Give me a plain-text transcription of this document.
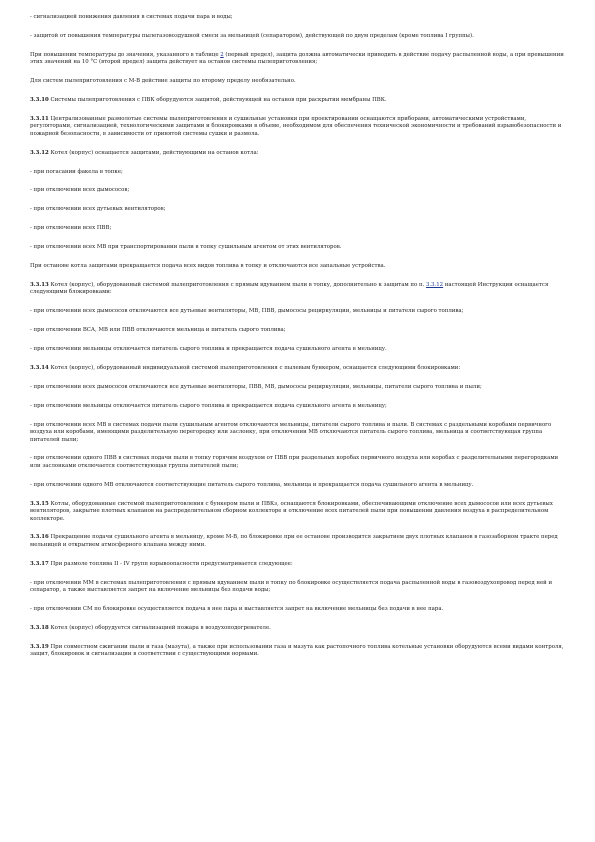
- сигнализацией понижения давления в системах подачи пара и воды;

- защитой от повышения температуры пылегазовоздушной смеси за мельницей (сепаратором), действующей по двум пределам (кроме топлива I группы).

При повышении температуры до значения, указанного в таблице 2 (первый предел), защита должна автоматически приводить в действие подачу распыленной воды, а при превышении этих значений на 10 °С (второй предел) защита действует на останов системы пылеприготовления;

Для систем пылеприготовления с М-В действие защиты по второму пределу необязательно.

3.3.10 Системы пылеприготовления с ПВК оборудуются защитой, действующей на останов при раскрытии мембраны ПВК.

3.3.11 Централизованные размолотые системы пылеприготовления и сушильные установки при проектировании оснащаются приборами, автоматическими устройствами, регуляторами, сигнализацией, технологическими защитами и блокировками в объеме, необходимом для обеспечения технической экономичности и требований взрывобезопасности и пожарной безопасности, в зависимости от принятой системы сушки и размола.

3.3.12 Котел (корпус) оснащается защитами, действующими на останов котла:

- при погасании факела в топке;

- при отключении всех дымососов;

- при отключении всех дутьевых вентиляторов;

- при отключении всех ПВВ;

- при отключении всех МВ при транспортировании пыли в топку сушильным агентом от этих вентиляторов.

При останове котла защитами прекращается подача всех видов топлива в топку и отключаются все запальные устройства.

3.3.13 Котел (корпус), оборудованный системой пылеприготовления с прямым вдуванием пыли в топку, дополнительно к защитам по п. 3.3.12 настоящей Инструкции оснащается следующими блокировками:

- при отключении всех дымососов отключаются все дутьевые вентиляторы, МВ, ПВВ, дымососы рециркуляции, мельницы и питатели сырого топлива;

- при отключении ВСА, МВ или ПВВ отключаются мельница и питатель сырого топлива;

- при отключении мельницы отключается питатель сырого топлива и прекращается подача сушильного агента в мельницу.

3.3.14 Котел (корпус), оборудованный индивидуальной системой пылеприготовления с пылевым бункером, оснащается следующими блокировками:

- при отключении всех дымососов отключаются все дутьевые вентиляторы, ПВВ, МВ, дымососы рециркуляции, мельницы, питатели сырого топлива и пыли;

- при отключении мельницы отключается питатель сырого топлива и прекращается подача сушильного агента в мельницу;

- при отключении всех МВ в системах подачи пыли сушильным агентом отключаются мельницы, питатели сырого топлива и пыли. В системах с раздельными коробами первичного воздуха или коробами, имеющими разделительную перегородку или заслонку, при отключении МВ отключаются питатель сырого топлива, мельница и соответствующая группа питателей пыли;

- при отключении одного ПВВ в системах подачи пыли в топку горячим воздухом от ПВВ при раздельных коробах первичного воздуха или коробах с разделительными перегородками или заслонками отключается соответствующая группа питателей пыли;

- при отключении одного МВ отключаются соответствующие питатель сырого топлива, мельница и прекращается подача сушильного агента в мельницу.

3.3.15 Котлы, оборудованные системой пылеприготовления с бункером пыли и ПВКз, оснащаются блокировками, обеспечивающими отключение всех дымососов или всех дутьевых вентиляторов, закрытие плотных клапанов на распределительном сборном коллекторе и отключение всех питателей пыли при повышении давления воздуха в распределительном коллекторе.

3.3.16 Прекращение подачи сушильного агента в мельницу, кроме М-В, по блокировке при ее останове производится закрытием двух плотных клапанов в газозаборном тракте перед мельницей и открытием атмосферного клапана между ними.

3.3.17 При размоле топлива II - IV групп взрывоопасности предусматривается следующее:

- при отключении ММ в системах пылеприготовления с прямым вдуванием пыли в топку по блокировке осуществляется подача распыленной воды в газовоздухопровод перед ней и сепаратор, а также выставляется запрет на включение мельницы без подачи воды;

- при отключении СМ по блокировке осуществляется подача в нее пара и выставляется запрет на включение мельницы без подачи в нее пара.

3.3.18 Котел (корпус) оборудуется сигнализацией пожара в воздухоподогревателе.

3.3.19 При совместном сжигании пыли и газа (мазута), а также при использовании газа и мазута как растопочного топлива котельные установки оборудуются всеми видами контроля, защит, блокировок и сигнализации в соответствии с существующими нормами.
